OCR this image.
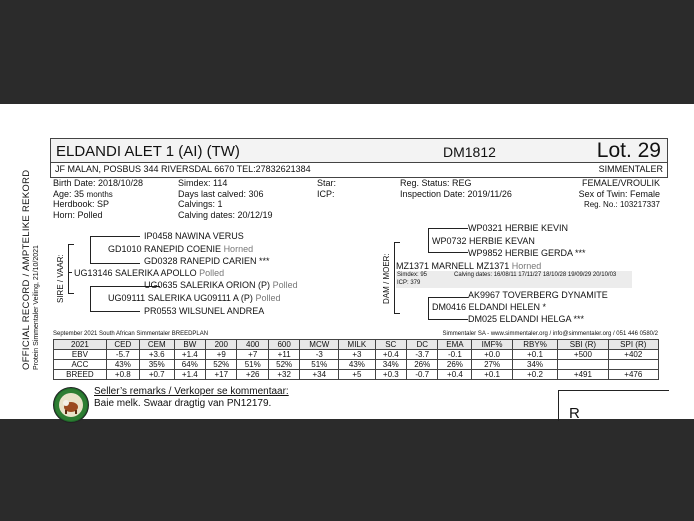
OFFICIAL RECORD / AMPTELIKE REKORD Protein Simmentaler Veiling, 21/10/2021
ELDANDI ALET 1 (AI) (TW)	DM1812	Lot. 29
JF MALAN, POSBUS 344 RIVERSDAL 6670 TEL:27832621384	SIMMENTALER
Birth Date: 2018/10/28
Age: 35 months
Herdbook: SP
Horn: Polled
Simdex: 114
Days last calved: 306
Calvings: 1
Calving dates: 20/12/19
Star:
ICP:
Reg. Status: REG
Inspection Date: 2019/11/26
FEMALE/VROULIK
Sex of Twin: Female
Reg. No.: 103217337
SIRE / VAAR:
IP0458 NAWINA VERUS
GD1010 RANEPID COENIE Horned
GD0328 RANEPID CARIEN ***
UG13146 SALERIKA APOLLO Polled
UG0635 SALERIKA ORION (P) Polled
UG09111 SALERIKA UG09111 A (P) Polled
PR0553 WILSUNEL ANDREA
DAM / MOER:
WP0321 HERBIE KEVIN
WP0732 HERBIE KEVAN
WP9852 HERBIE GERDA ***
MZ1371 MARNELL MZ1371 Horned
Simdex: 95
ICP: 379
Calving dates: 16/08/11 17/11/27 18/10/28 19/09/29 20/10/03
AK9967 TOVERBERG DYNAMITE
DM0416 ELDANDI HELEN *
DM025 ELDANDI HELGA ***
September 2021 South African Simmentaler BREEDPLAN	Simmentaler SA - www.simmentaler.org / info@simmentaler.org / 051 446 0580/2
2021	CED	CEM	BW	200	400	600	MCW	MILK	SC	DC	EMA	IMF%	RBY%	SBI (R)	SPI (R)
EBV	-5.7	+3.6	+1.4	+9	+7	+11	-3	+3	+0.4	-3.7	-0.1	+0.0	+0.1	+500	+402
ACC	43%	35%	64%	52%	51%	52%	51%	43%	34%	26%	26%	27%	34%		
BREED	+0.8	+0.7	+1.4	+17	+26	+32	+34	+5	+0.3	-0.7	+0.4	+0.1	+0.2	+491	+476
Seller’s remarks / Verkoper se kommentaar:
Baie melk. Swaar dragtig van PN12179.
R
